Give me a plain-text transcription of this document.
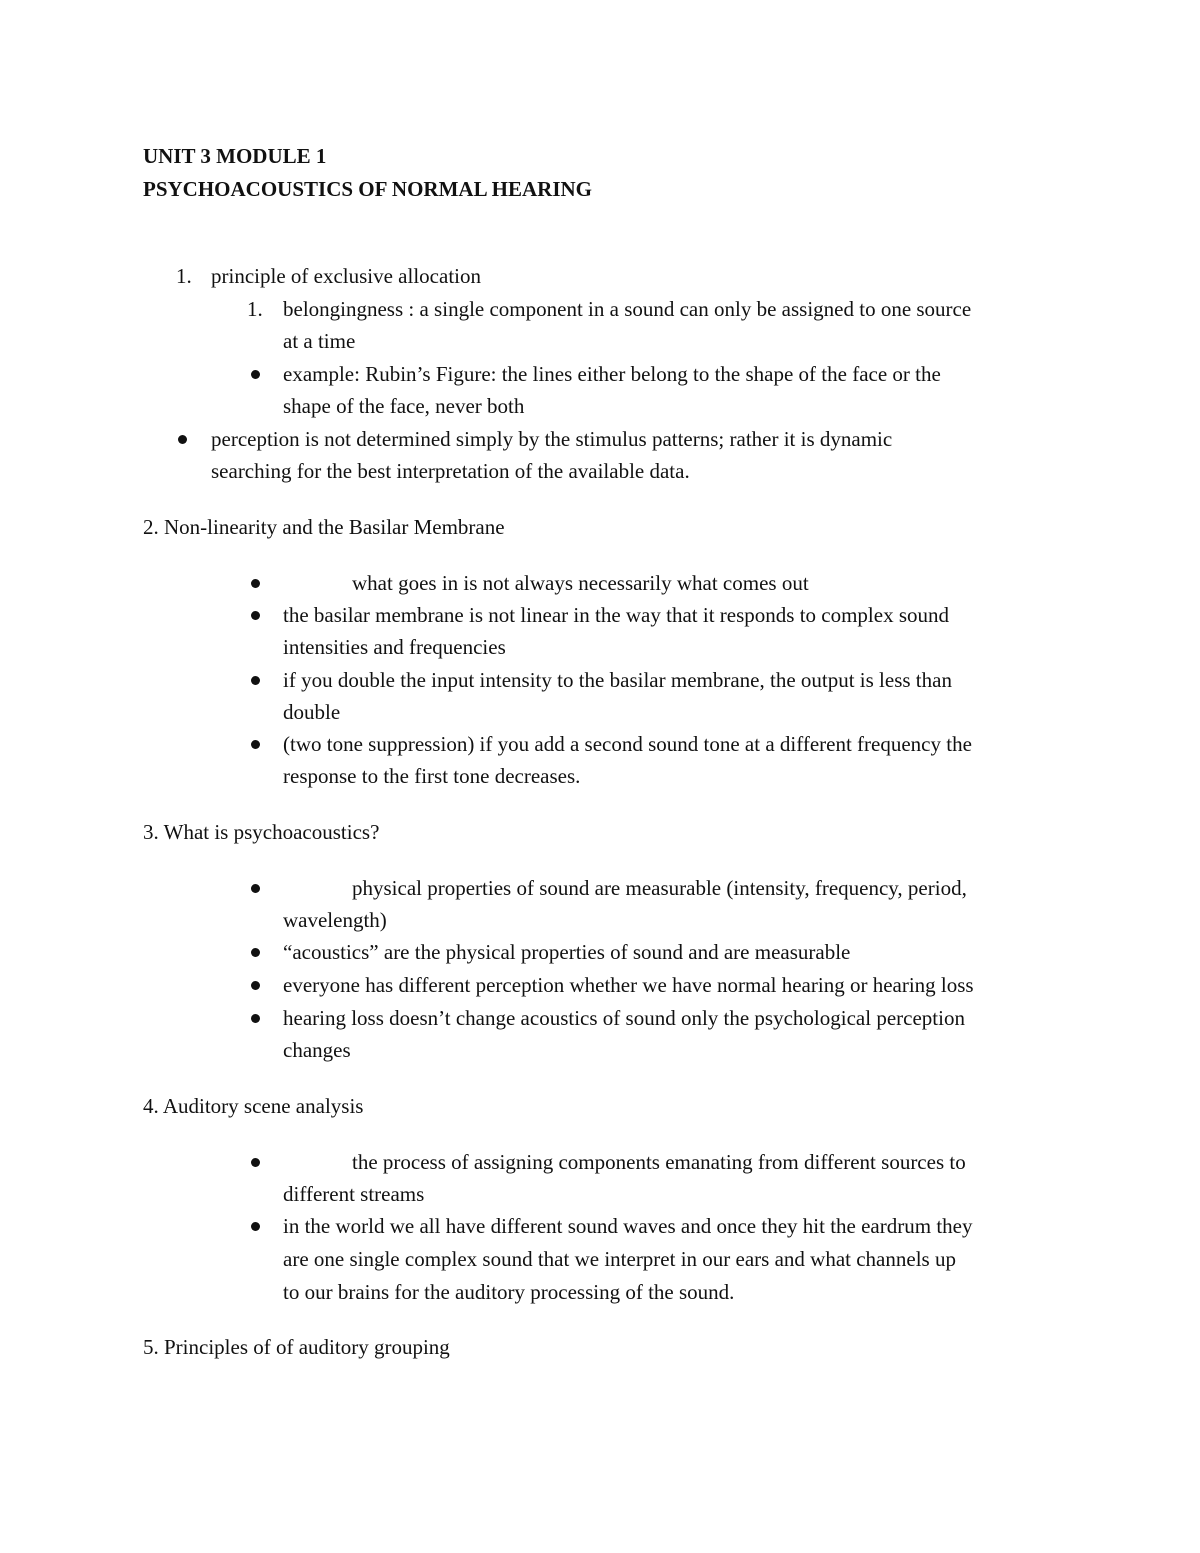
UNIT 3 MODULE 1
PSYCHOACOUSTICS OF NORMAL HEARING
1. principle of exclusive allocation
1. belongingness : a single component in a sound can only be assigned to one source
at a time
example: Rubin’s Figure: the lines either belong to the shape of the face or the
shape of the face, never both
perception is not determined simply by the stimulus patterns; rather it is dynamic
searching for the best interpretation of the available data.
2. Non-linearity and the Basilar Membrane
what goes in is not always necessarily what comes out
the basilar membrane is not linear in the way that it responds to complex sound
intensities and frequencies
if you double the input intensity to the basilar membrane, the output is less than
double
(two tone suppression) if you add a second sound tone at a different frequency the
response to the first tone decreases.
3. What is psychoacoustics?
physical properties of sound are measurable (intensity, frequency, period,
wavelength)
“acoustics” are the physical properties of sound and are measurable
everyone has different perception whether we have normal hearing or hearing loss
hearing loss doesn’t change acoustics of sound only the psychological perception
changes
4. Auditory scene analysis
the process of assigning components emanating from different sources to
different streams
in the world we all have different sound waves and once they hit the eardrum they
are one single complex sound that we interpret in our ears and what channels up
to our brains for the auditory processing of the sound.
5. Principles of of auditory grouping
